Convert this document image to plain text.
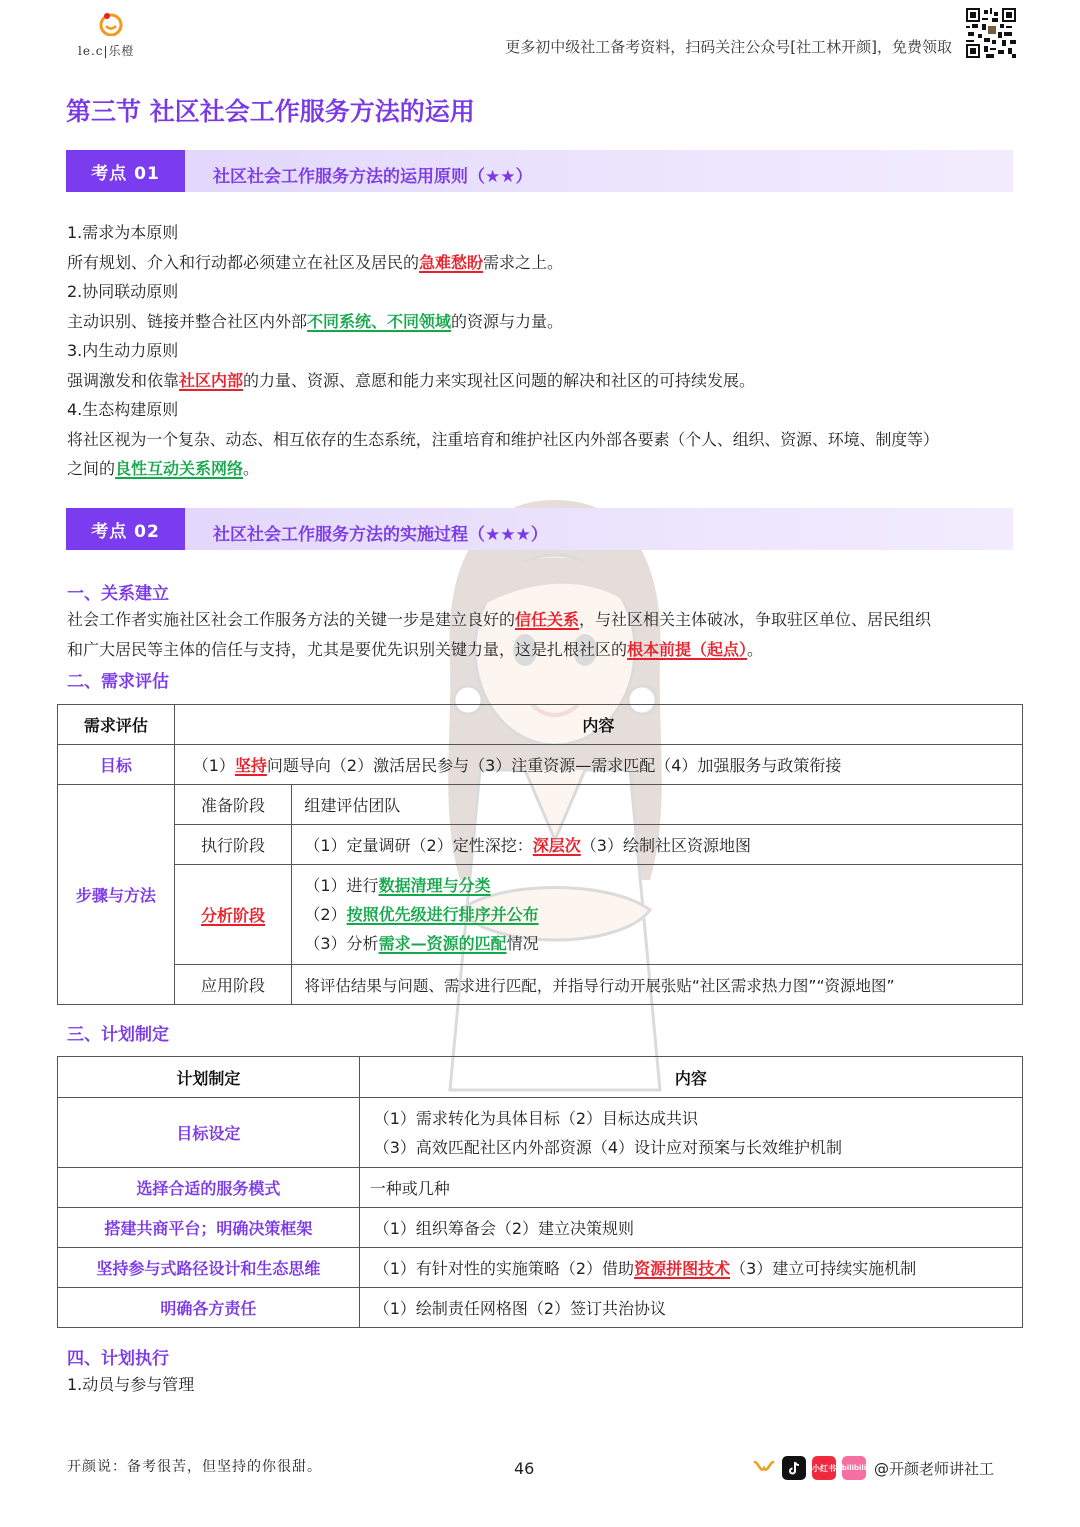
le.c|乐橙	更多初中级社工备考资料，扫码关注公众号[社工林开颜]，免费领取
第三节 社区社会工作服务方法的运用
考点 01	社区社会工作服务方法的运用原则（★★）

1.需求为本原则

所有规划、介入和行动都必须建立在社区及居民的急难愁盼需求之上。

2.协同联动原则

主动识别、链接并整合社区内外部不同系统、不同领域的资源与力量。

3.内生动力原则

强调激发和依靠社区内部的力量、资源、意愿和能力来实现社区问题的解决和社区的可持续发展。

4.生态构建原则

将社区视为一个复杂、动态、相互依存的生态系统，注重培育和维护社区内外部各要素（个人、组织、资源、环境、制度等）

之间的良性互动关系网络。

考点 02	社区社会工作服务方法的实施过程（★★★）
一、关系建立

社会工作者实施社区社会工作服务方法的关键一步是建立良好的信任关系，与社区相关主体破冰，争取驻区单位、居民组织

和广大居民等主体的信任与支持，尤其是要优先识别关键力量，这是扎根社区的根本前提（起点）。

二、需求评估
需求评估	内容	
目标	（1）坚持问题导向（2）激活居民参与（3）注重资源—需求匹配（4）加强服务与政策衔接	
步骤与方法	准备阶段	组建评估团队
	执行阶段	（1）定量调研（2）定性深挖：深层次（3）绘制社区资源地图
	分析阶段	（1）进行数据清理与分类
（2）按照优先级进行排序并公布
（3）分析需求—资源的匹配情况

	应用阶段	将评估结果与问题、需求进行匹配，并指导行动开展张贴“社区需求热力图”“资源地图”
三、计划制定
计划制定	内容
目标设定	（1）需求转化为具体目标（2）目标达成共识
（3）高效匹配社区内外部资源（4）设计应对预案与长效维护机制

选择合适的服务模式	一种或几种
搭建共商平台；明确决策框架	（1）组织筹备会（2）建立决策规则
坚持参与式路径设计和生态思维	（1）有针对性的实施策略（2）借助资源拼图技术（3）建立可持续实施机制
明确各方责任	（1）绘制责任网格图（2）签订共治协议
四、计划执行

1.动员与参与管理

开颜说：备考很苦，但坚持的你很甜。	46	小红书 bilibili @开颜老师讲社工
